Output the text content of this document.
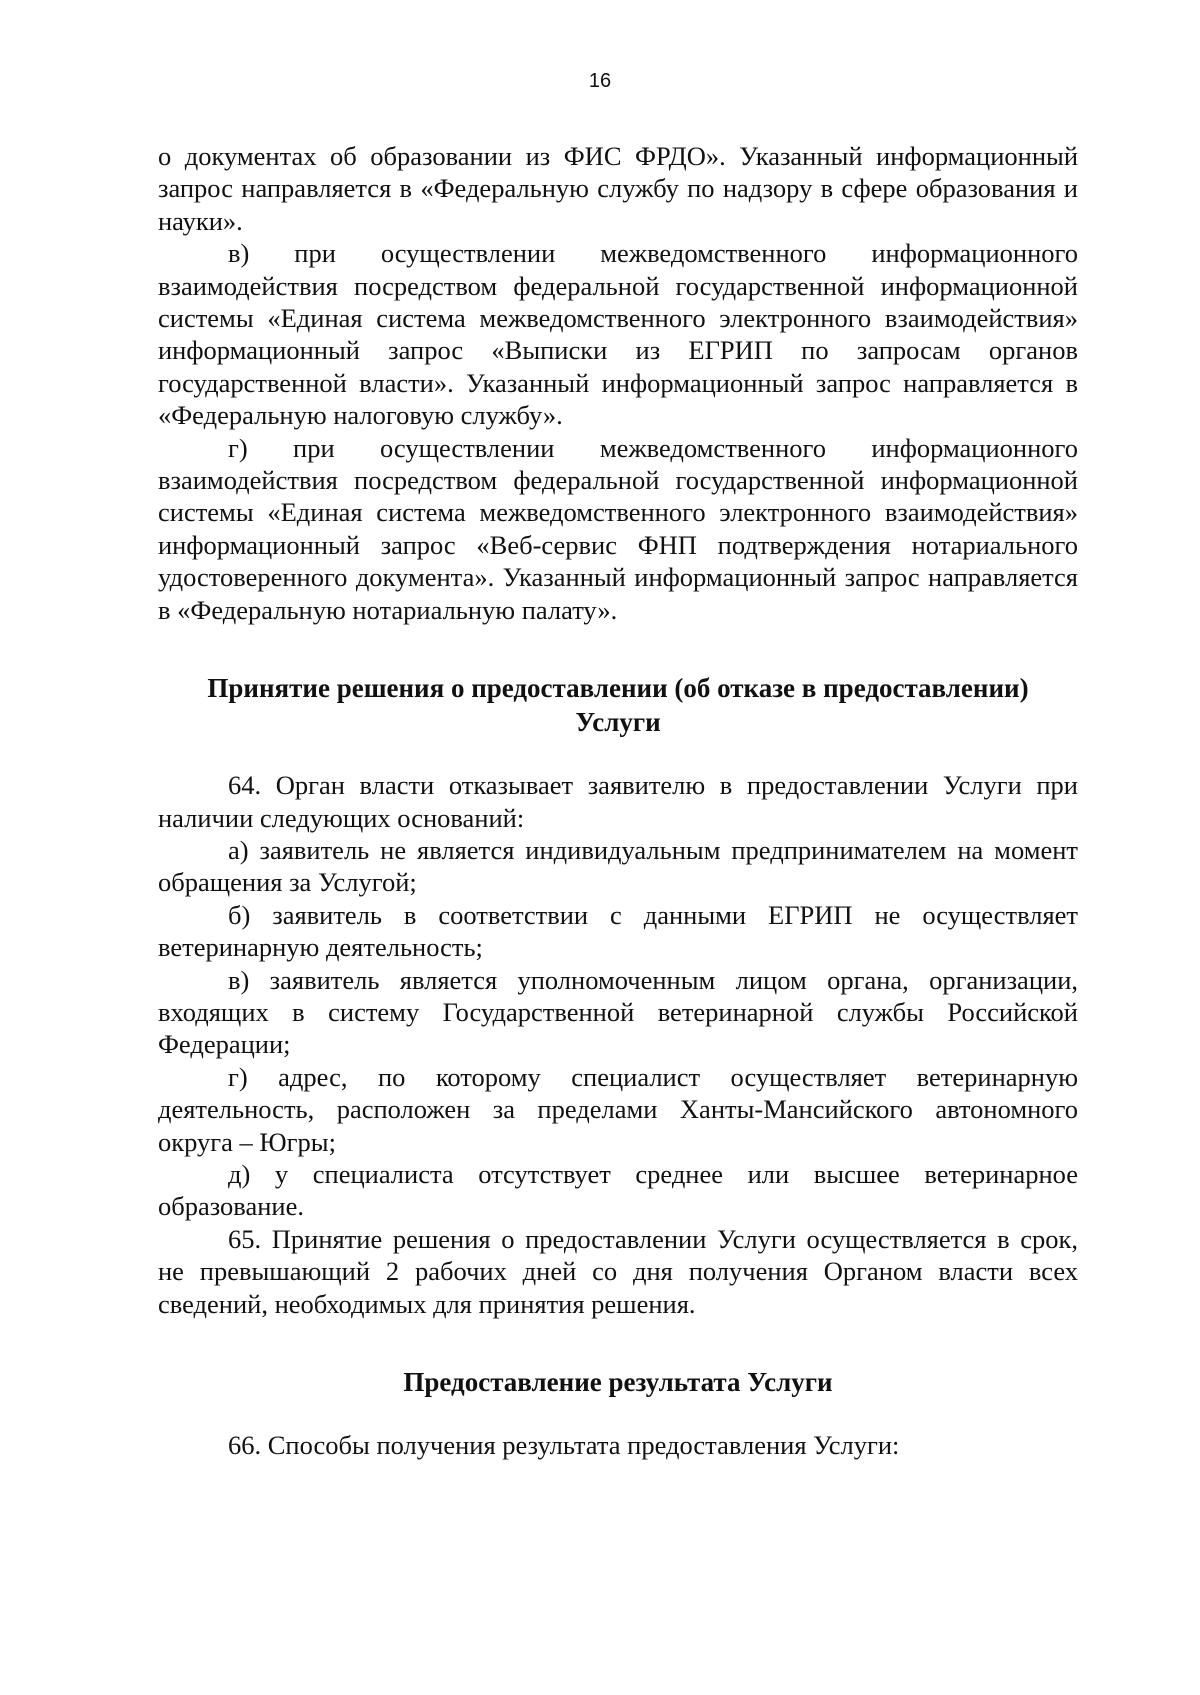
16

о документах об образовании из ФИС ФРДО». Указанный информационный запрос направляется в «Федеральную службу по надзору в сфере образования и науки».

в) при осуществлении межведомственного информационного взаимодействия посредством федеральной государственной информационной системы «Единая система межведомственного электронного взаимодействия» информационный запрос «Выписки из ЕГРИП по запросам органов государственной власти». Указанный информационный запрос направляется в «Федеральную налоговую службу».

г) при осуществлении межведомственного информационного взаимодействия посредством федеральной государственной информационной системы «Единая система межведомственного электронного взаимодействия» информационный запрос «Веб-сервис ФНП подтверждения нотариального удостоверенного документа». Указанный информационный запрос направляется в «Федеральную нотариальную палату».

Принятие решения о предоставлении (об отказе в предоставлении)
Услуги

64. Орган власти отказывает заявителю в предоставлении Услуги при наличии следующих оснований:

а) заявитель не является индивидуальным предпринимателем на момент обращения за Услугой;

б) заявитель в соответствии с данными ЕГРИП не осуществляет ветеринарную деятельность;

в) заявитель является уполномоченным лицом органа, организации, входящих в систему Государственной ветеринарной службы Российской Федерации;

г) адрес, по которому специалист осуществляет ветеринарную деятельность, расположен за пределами Ханты-Мансийского автономного округа – Югры;

д) у специалиста отсутствует среднее или высшее ветеринарное образование.

65. Принятие решения о предоставлении Услуги осуществляется в срок, не превышающий 2 рабочих дней со дня получения Органом власти всех сведений, необходимых для принятия решения.

Предоставление результата Услуги

66. Способы получения результата предоставления Услуги:
